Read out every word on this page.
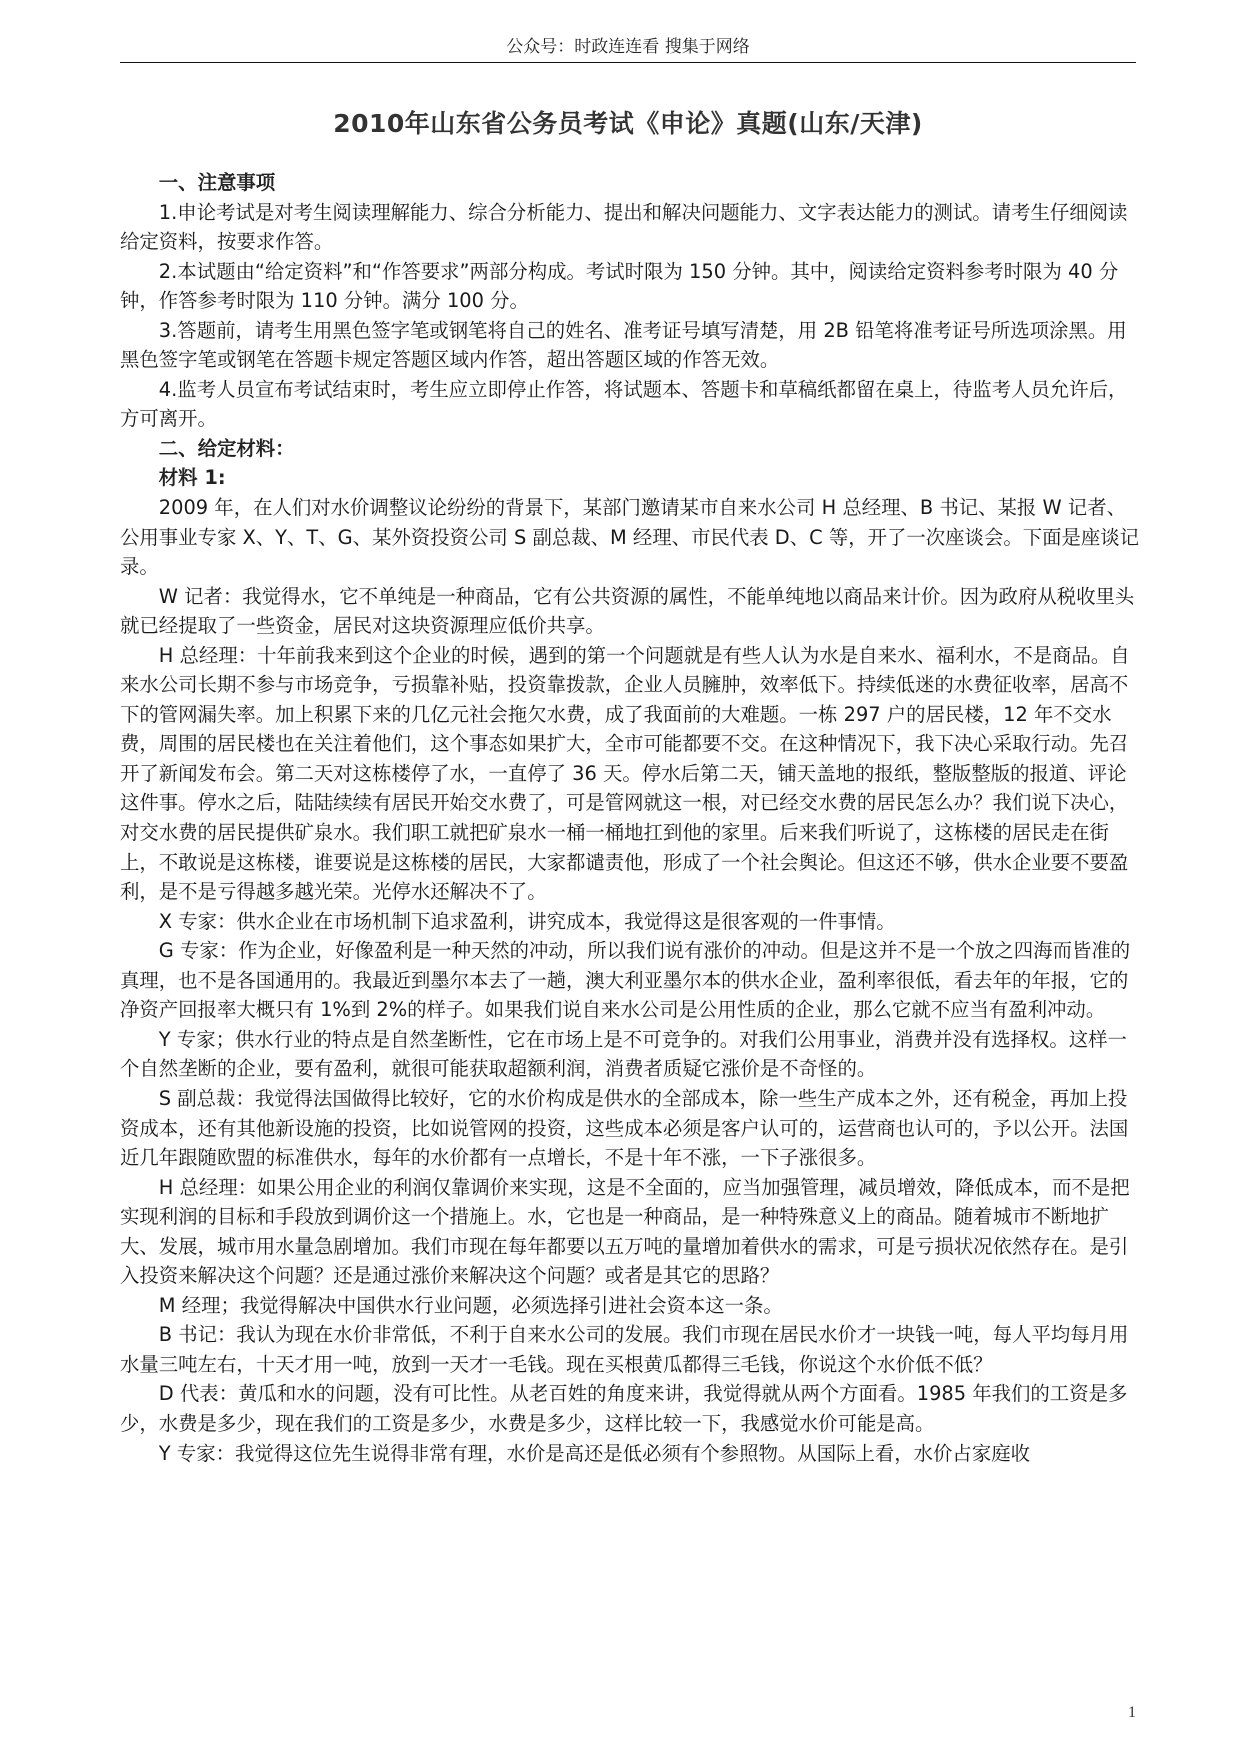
公众号：时政连连看 搜集于网络
2010年山东省公务员考试《申论》真题(山东/天津)

一、注意事项

1.申论考试是对考生阅读理解能力、综合分析能力、提出和解决问题能力、文字表达能力的测试。请考生仔细阅读给定资料，按要求作答。

2.本试题由“给定资料”和“作答要求”两部分构成。考试时限为 150 分钟。其中，阅读给定资料参考时限为 40 分钟，作答参考时限为 110 分钟。满分 100 分。

3.答题前，请考生用黑色签字笔或钢笔将自己的姓名、准考证号填写清楚，用 2B 铅笔将准考证号所选项涂黑。用黑色签字笔或钢笔在答题卡规定答题区域内作答，超出答题区域的作答无效。

4.监考人员宣布考试结束时，考生应立即停止作答，将试题本、答题卡和草稿纸都留在桌上，待监考人员允许后，方可离开。

二、给定材料：

材料 1:

2009 年，在人们对水价调整议论纷纷的背景下，某部门邀请某市自来水公司 H 总经理、B 书记、某报 W 记者、公用事业专家 X、Y、T、G、某外资投资公司 S 副总裁、M 经理、市民代表 D、C 等，开了一次座谈会。下面是座谈记录。

W 记者：我觉得水，它不单纯是一种商品，它有公共资源的属性，不能单纯地以商品来计价。因为政府从税收里头就已经提取了一些资金，居民对这块资源理应低价共享。

H 总经理：十年前我来到这个企业的时候，遇到的第一个问题就是有些人认为水是自来水、福利水，不是商品。自来水公司长期不参与市场竞争，亏损靠补贴，投资靠拨款，企业人员臃肿，效率低下。持续低迷的水费征收率，居高不下的管网漏失率。加上积累下来的几亿元社会拖欠水费，成了我面前的大难题。一栋 297 户的居民楼，12 年不交水费，周围的居民楼也在关注着他们，这个事态如果扩大，全市可能都要不交。在这种情况下，我下决心采取行动。先召开了新闻发布会。第二天对这栋楼停了水，一直停了 36 天。停水后第二天，铺天盖地的报纸，整版整版的报道、评论这件事。停水之后，陆陆续续有居民开始交水费了，可是管网就这一根，对已经交水费的居民怎么办？我们说下决心，对交水费的居民提供矿泉水。我们职工就把矿泉水一桶一桶地扛到他的家里。后来我们听说了，这栋楼的居民走在街上，不敢说是这栋楼，谁要说是这栋楼的居民，大家都谴责他，形成了一个社会舆论。但这还不够，供水企业要不要盈利，是不是亏得越多越光荣。光停水还解决不了。

X 专家：供水企业在市场机制下追求盈利，讲究成本，我觉得这是很客观的一件事情。

G 专家：作为企业，好像盈利是一种天然的冲动，所以我们说有涨价的冲动。但是这并不是一个放之四海而皆准的真理，也不是各国通用的。我最近到墨尔本去了一趟，澳大利亚墨尔本的供水企业，盈利率很低，看去年的年报，它的净资产回报率大概只有 1%到 2%的样子。如果我们说自来水公司是公用性质的企业，那么它就不应当有盈利冲动。

Y 专家；供水行业的特点是自然垄断性，它在市场上是不可竞争的。对我们公用事业，消费并没有选择权。这样一个自然垄断的企业，要有盈利，就很可能获取超额利润，消费者质疑它涨价是不奇怪的。

S 副总裁：我觉得法国做得比较好，它的水价构成是供水的全部成本，除一些生产成本之外，还有税金，再加上投资成本，还有其他新设施的投资，比如说管网的投资，这些成本必须是客户认可的，运营商也认可的，予以公开。法国近几年跟随欧盟的标准供水，每年的水价都有一点增长，不是十年不涨，一下子涨很多。

H 总经理：如果公用企业的利润仅靠调价来实现，这是不全面的，应当加强管理，减员增效，降低成本，而不是把实现利润的目标和手段放到调价这一个措施上。水，它也是一种商品，是一种特殊意义上的商品。随着城市不断地扩大、发展，城市用水量急剧增加。我们市现在每年都要以五万吨的量增加着供水的需求，可是亏损状况依然存在。是引入投资来解决这个问题？还是通过涨价来解决这个问题？或者是其它的思路？

M 经理；我觉得解决中国供水行业问题，必须选择引进社会资本这一条。

B 书记：我认为现在水价非常低，不利于自来水公司的发展。我们市现在居民水价才一块钱一吨，每人平均每月用水量三吨左右，十天才用一吨，放到一天才一毛钱。现在买根黄瓜都得三毛钱，你说这个水价低不低？

D 代表：黄瓜和水的问题，没有可比性。从老百姓的角度来讲，我觉得就从两个方面看。1985 年我们的工资是多少，水费是多少，现在我们的工资是多少，水费是多少，这样比较一下，我感觉水价可能是高。

Y 专家：我觉得这位先生说得非常有理，水价是高还是低必须有个参照物。从国际上看，水价占家庭收

1
